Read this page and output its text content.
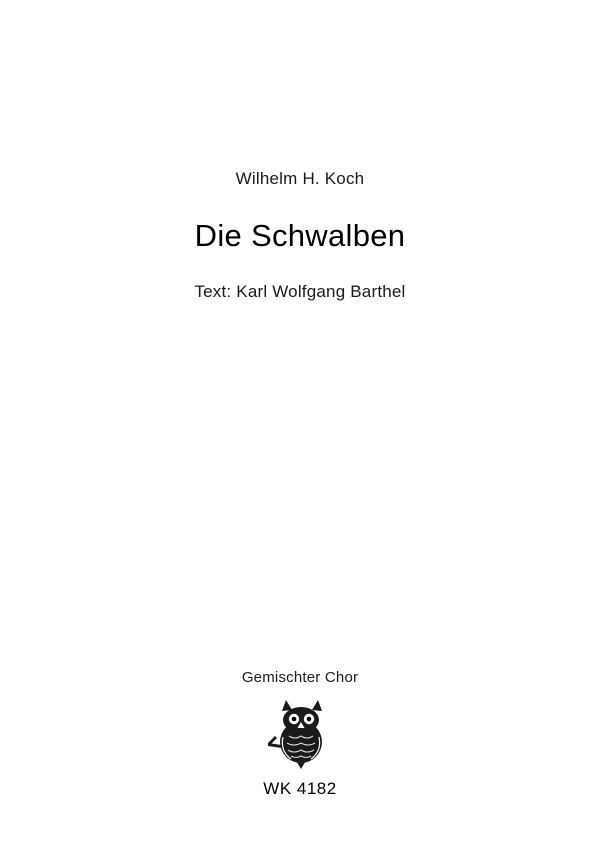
Wilhelm H. Koch
Die Schwalben
Text: Karl Wolfgang Barthel
Gemischter Chor
WK 4182
